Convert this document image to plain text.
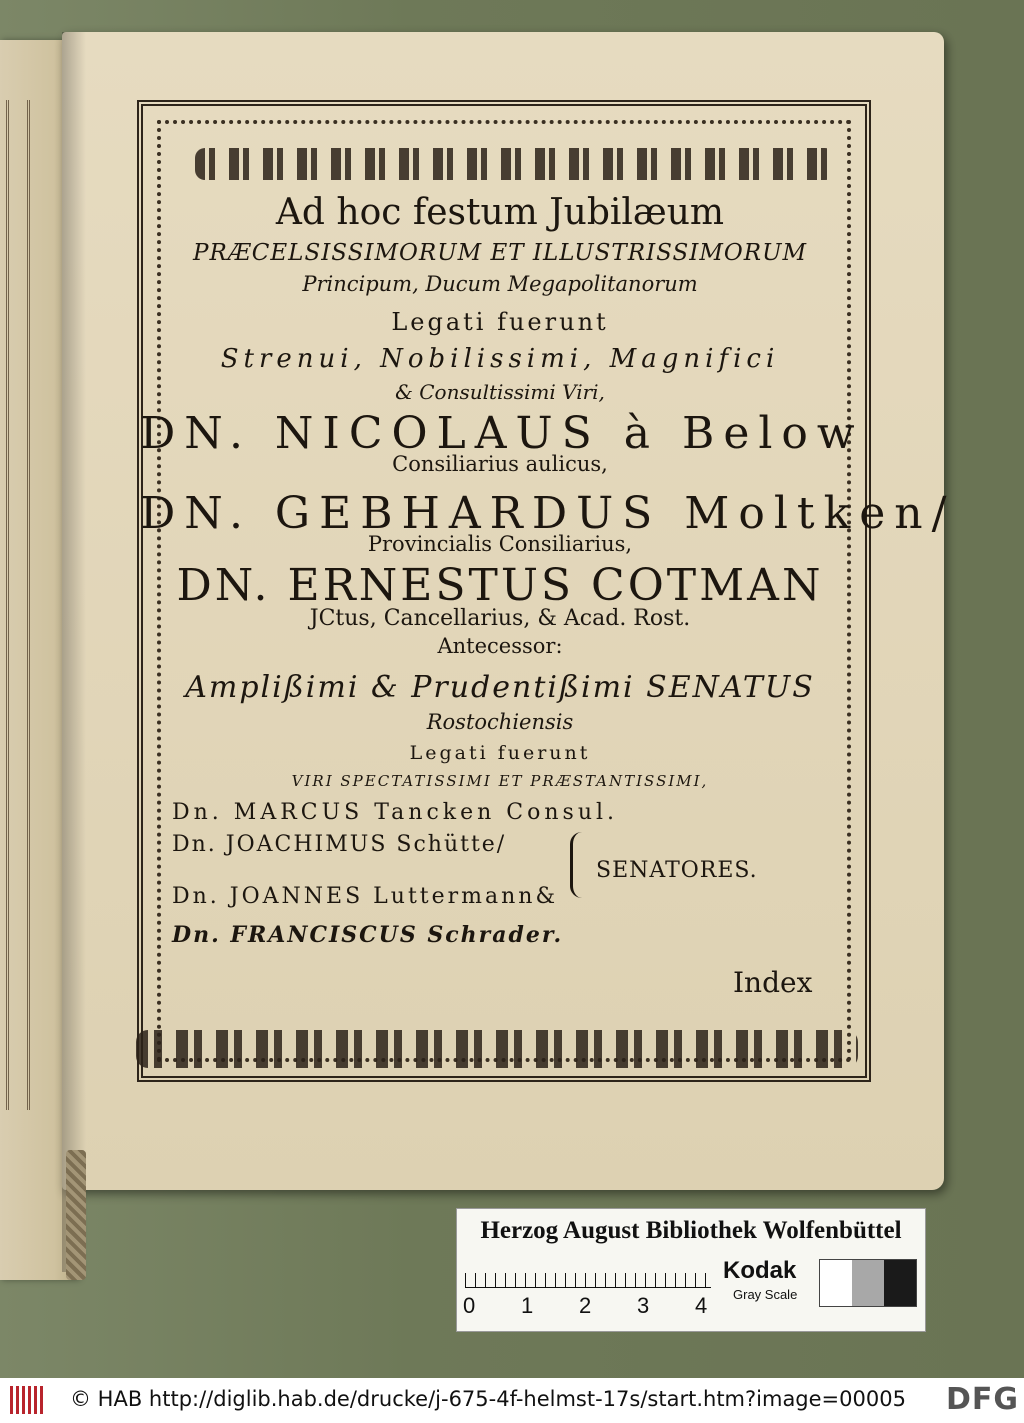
Ad hoc festum Jubilæum

PRÆCELSISSIMORUM ET ILLUSTRISSIMORUM

Principum, Ducum Megapolitanorum

Legati fuerunt

Strenui, Nobilissimi, Magnifici

& Consultissimi Viri,

DN. NICOLAUS à Below

Consiliarius aulicus,

DN. GEBHARDUS Moltken/

Provincialis Consiliarius,

DN. ERNESTUS COTMAN

JCtus, Cancellarius, & Acad. Rost.

Antecessor:

Amplißimi & Prudentißimi SENATUS

Rostochiensis

Legati fuerunt

VIRI SPECTATISSIMI ET PRÆSTANTISSIMI,

Dn. MARCUS Tancken Consul.

Dn. JOACHIMUS Schütte/

SENATORES.

Dn. JOANNES Luttermann&

Dn. FRANCISCUS Schrader.

Index

Herzog August Bibliothek Wolfenbüttel
0 1 2 3 4
Kodak
Gray Scale
© HAB http://diglib.hab.de/drucke/j-675-4f-helmst-17s/start.htm?image=00005	DFG
